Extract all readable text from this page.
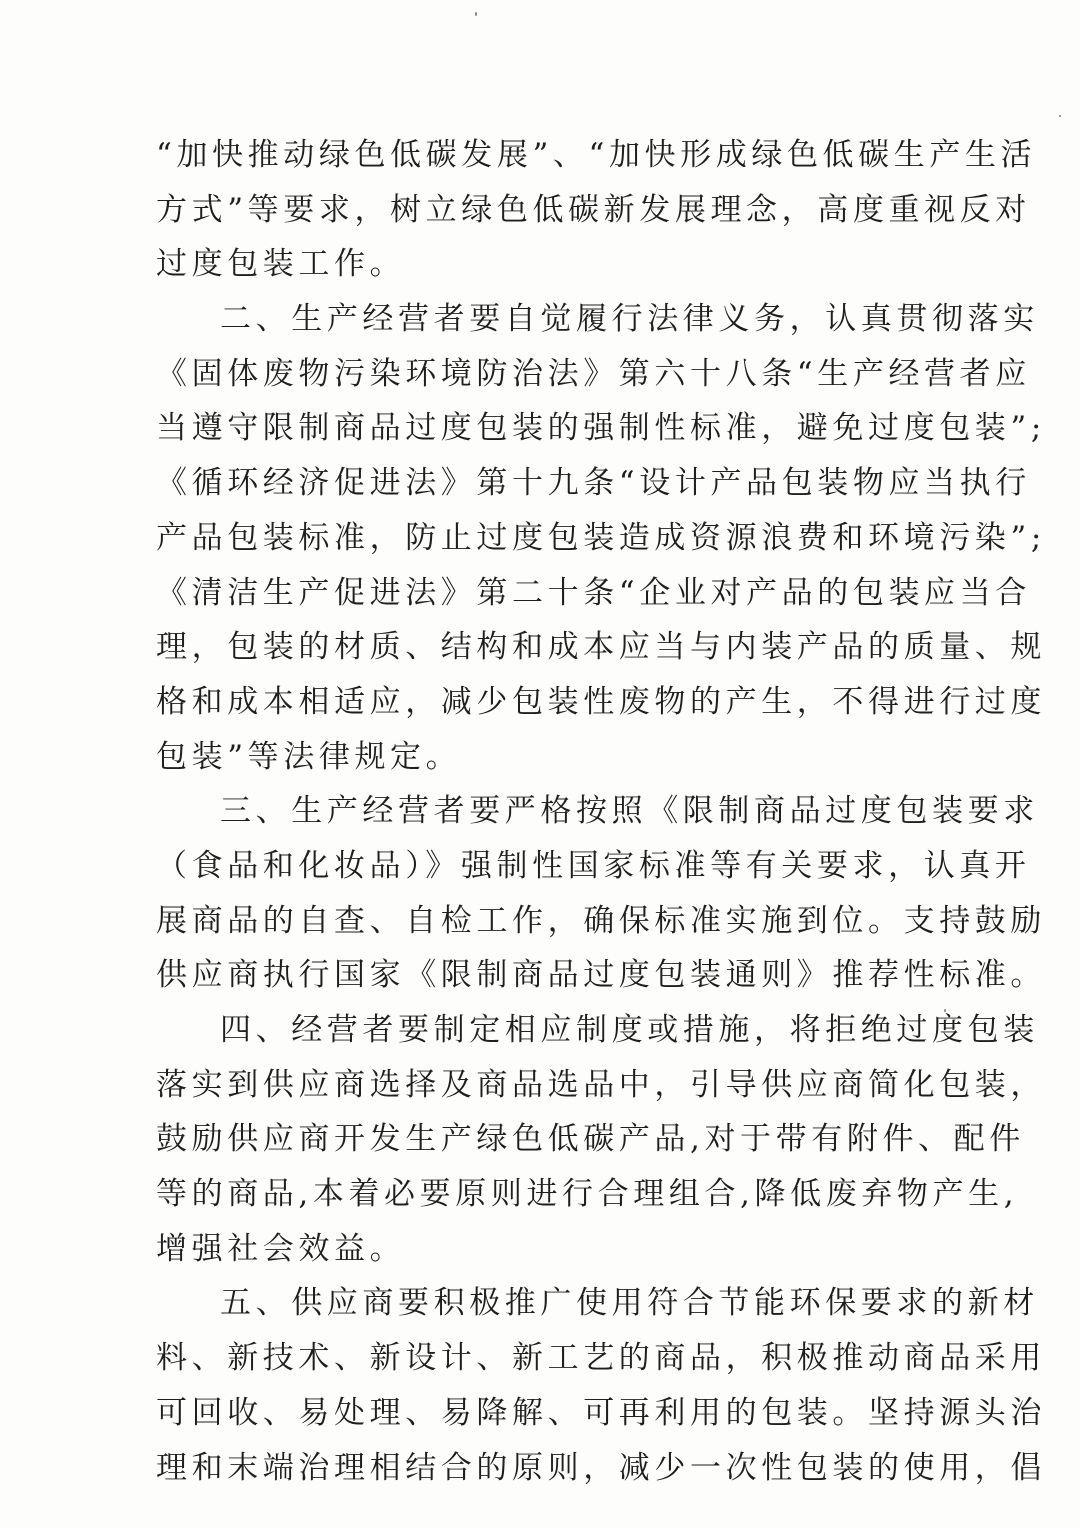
“加快推动绿色低碳发展”、“加快形成绿色低碳生产生活
方式”等要求，树立绿色低碳新发展理念，高度重视反对
过度包装工作。
二、生产经营者要自觉履行法律义务，认真贯彻落实
《固体废物污染环境防治法》第六十八条“生产经营者应
当遵守限制商品过度包装的强制性标准，避免过度包装”;
《循环经济促进法》第十九条“设计产品包装物应当执行
产品包装标准，防止过度包装造成资源浪费和环境污染”;
《清洁生产促进法》第二十条“企业对产品的包装应当合
理，包装的材质、结构和成本应当与内装产品的质量、规
格和成本相适应，减少包装性废物的产生，不得进行过度
包装”等法律规定。
三、生产经营者要严格按照《限制商品过度包装要求
（食品和化妆品）》强制性国家标准等有关要求，认真开
展商品的自查、自检工作，确保标准实施到位。支持鼓励
供应商执行国家《限制商品过度包装通则》推荐性标准。
四、经营者要制定相应制度或措施，将拒绝过度包装
落实到供应商选择及商品选品中，引导供应商简化包装，
鼓励供应商开发生产绿色低碳产品,对于带有附件、配件
等的商品,本着必要原则进行合理组合,降低废弃物产生,
增强社会效益。
五、供应商要积极推广使用符合节能环保要求的新材
料、新技术、新设计、新工艺的商品，积极推动商品采用
可回收、易处理、易降解、可再利用的包装。坚持源头治
理和末端治理相结合的原则，减少一次性包装的使用，倡
